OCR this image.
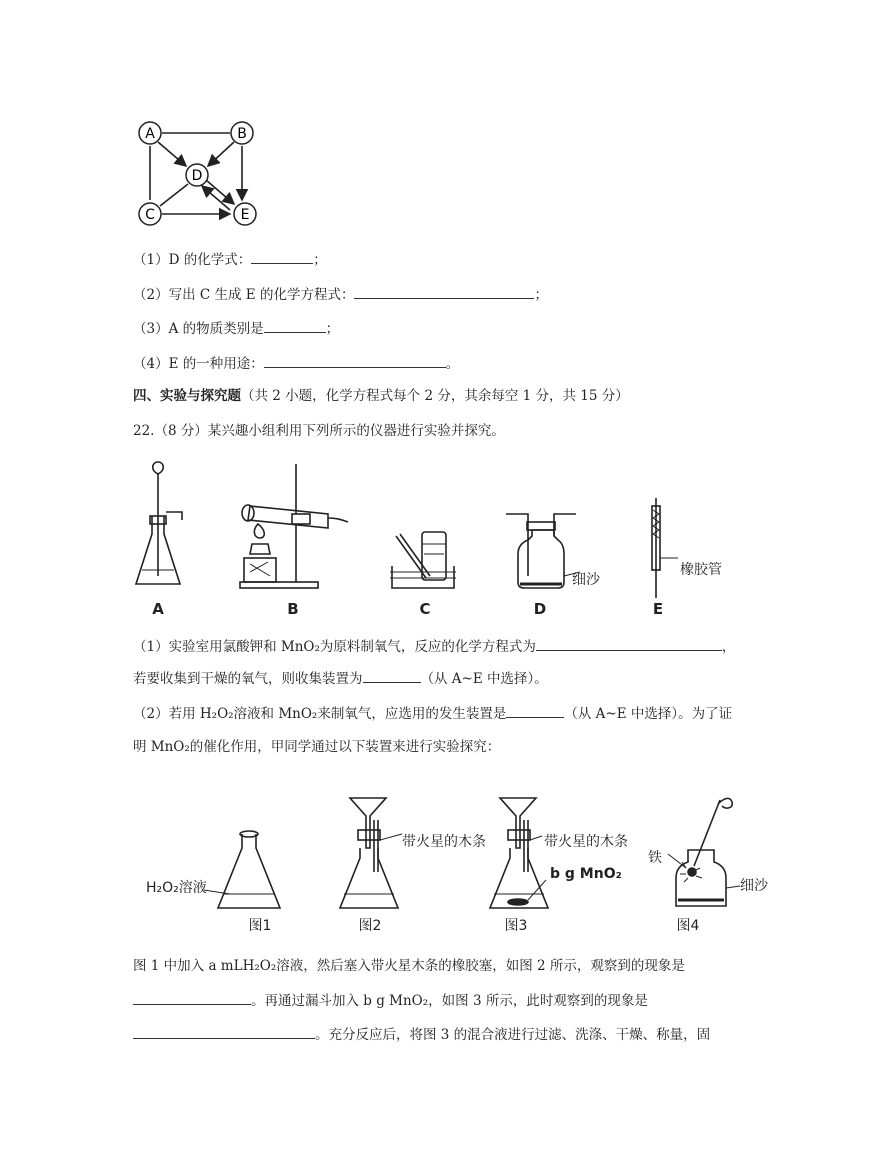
A	B
D
C	E
（1）D 的化学式：	；
（2）写出 C 生成 E 的化学方程式：	；
（3）A 的物质类别是	；
（4）E 的一种用途：	。
四、实验与探究题（共 2 小题，化学方程式每个 2 分，其余每空 1 分，共 15 分）
22.（8 分）某兴趣小组利用下列所示的仪器进行实验并探究。
A	B	C	D	E
细沙
橡胶管
（1）实验室用氯酸钾和 MnO₂为原料制氧气，反应的化学方程式为	，
若要收集到干燥的氧气，则收集装置为	（从 A~E 中选择）。
（2）若用 H₂O₂溶液和 MnO₂来制氧气，应选用的发生装置是	（从 A~E 中选择）。为了证
明 MnO₂的催化作用，甲同学通过以下装置来进行实验探究：
H₂O₂溶液
带火星的木条	带火星的木条
b g MnO₂
铁
细沙
图1	图2	图3	图4
图 1 中加入 a mLH₂O₂溶液，然后塞入带火星木条的橡胶塞，如图 2 所示，观察到的现象是
。再通过漏斗加入 b g MnO₂，如图 3 所示，此时观察到的现象是
。充分反应后，将图 3 的混合液进行过滤、洗涤、干燥、称量，固
